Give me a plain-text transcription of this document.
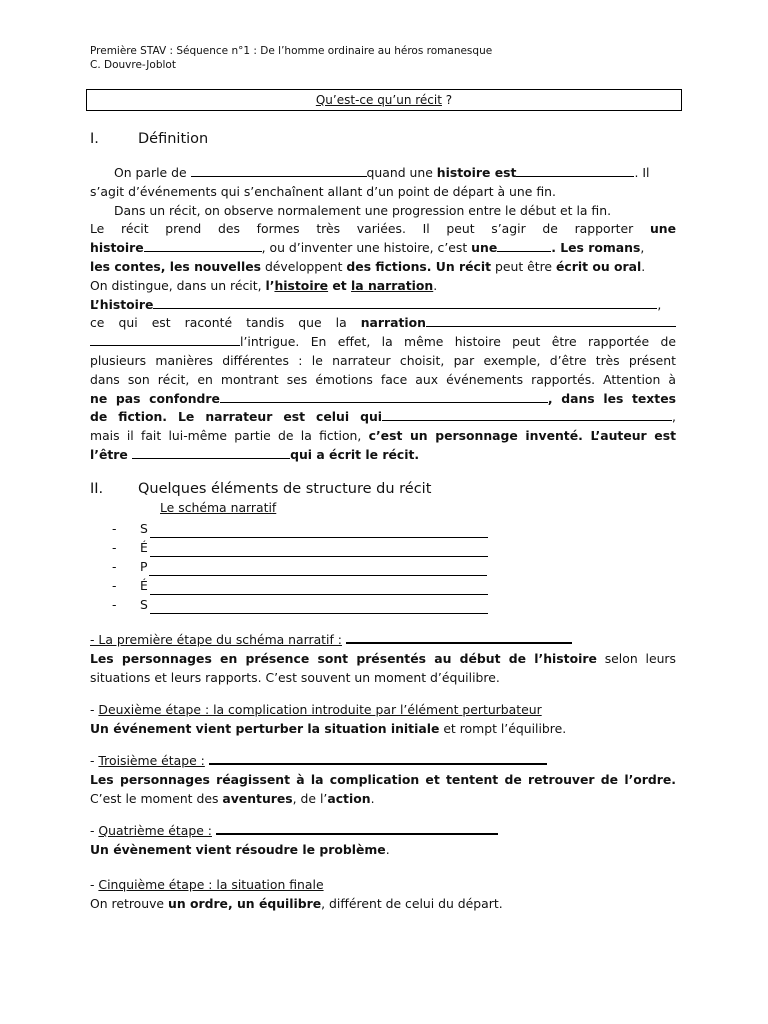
Première STAV : Séquence n°1 : De l’homme ordinaire au héros romanesque
C. Douvre-Joblot
Qu’est-ce qu’un récit ?
I.	Définition
On parle de	quand une histoire est	. Il
s’agit d’événements qui s’enchaînent allant d’un point de départ à une fin.
Dans un récit, on observe normalement une progression entre le début et la fin.
Le récit prend des formes très variées. Il peut s’agir de rapporter une
histoire	, ou d’inventer une histoire, c’est une	. Les romans,
les contes, les nouvelles développent des fictions. Un récit peut être écrit ou oral.
On distingue, dans un récit, l’histoire et la narration.
L’histoire	,
ce qui est raconté tandis que la narration
l’intrigue. En effet, la même histoire peut être rapportée de
plusieurs manières différentes : le narrateur choisit, par exemple, d’être très présent
dans son récit, en montrant ses émotions face aux événements rapportés. Attention à
ne pas confondre	, dans les textes
de fiction. Le narrateur est celui qui	,
mais il fait lui-même partie de la fiction, c’est un personnage inventé. L’auteur est
l’être	qui a écrit le récit.
II. Quelques éléments de structure du récit
Le schéma narratif
-	S
-	É
-	P
-	É
-	S
- La première étape du schéma narratif :
Les personnages en présence sont présentés au début de l’histoire selon leurs
situations et leurs rapports. C’est souvent un moment d’équilibre.
- Deuxième étape : la complication introduite par l’élément perturbateur
Un événement vient perturber la situation initiale et rompt l’équilibre.
- Troisième étape :
Les personnages réagissent à la complication et tentent de retrouver de l’ordre.
C’est le moment des aventures, de l’action.
- Quatrième étape :
Un évènement vient résoudre le problème.
- Cinquième étape : la situation finale
On retrouve un ordre, un équilibre, différent de celui du départ.
